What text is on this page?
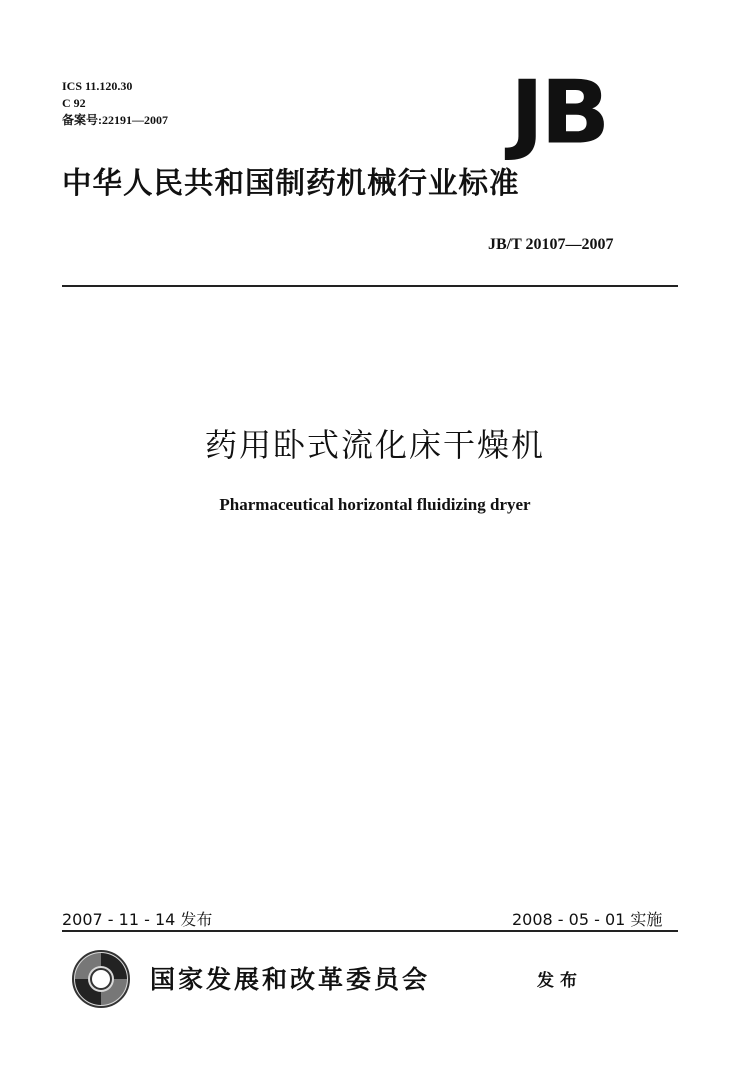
ICS 11.120.30
C 92
备案号:22191—2007	JB
中华人民共和国制药机械行业标准
JB/T 20107—2007
药用卧式流化床干燥机
Pharmaceutical horizontal fluidizing dryer
2007 - 11 - 14 发布	2008 - 05 - 01 实施
国家发展和改革委员会	发布
